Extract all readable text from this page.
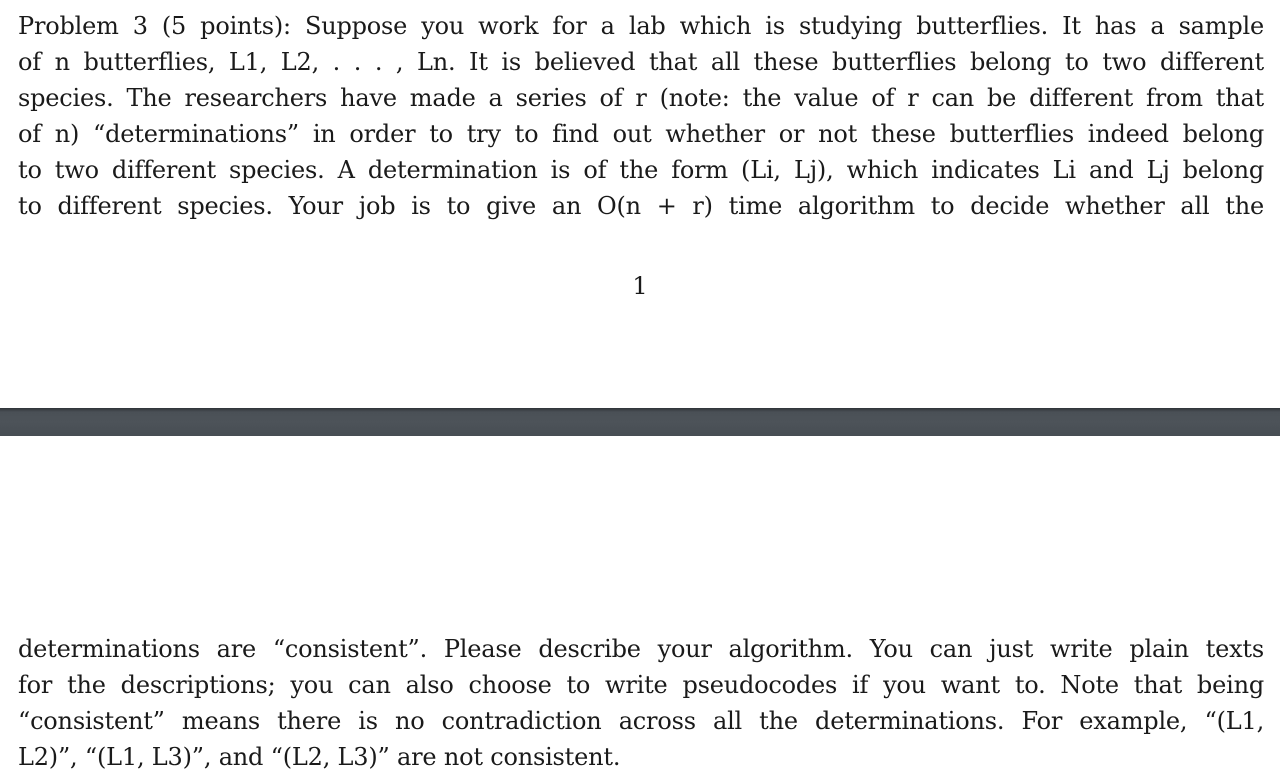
Problem 3 (5 points): Suppose you work for a lab which is studying butterflies. It has a sample
of n butterflies, L1, L2, . . . , Ln. It is believed that all these butterflies belong to two different
species. The researchers have made a series of r (note: the value of r can be different from that
of n) “determinations” in order to try to find out whether or not these butterflies indeed belong
to two different species. A determination is of the form (Li, Lj), which indicates Li and Lj belong
to different species. Your job is to give an O(n + r) time algorithm to decide whether all the
1
determinations are “consistent”. Please describe your algorithm. You can just write plain texts
for the descriptions; you can also choose to write pseudocodes if you want to. Note that being
“consistent” means there is no contradiction across all the determinations. For example, “(L1,
L2)”, “(L1, L3)”, and “(L2, L3)” are not consistent.
